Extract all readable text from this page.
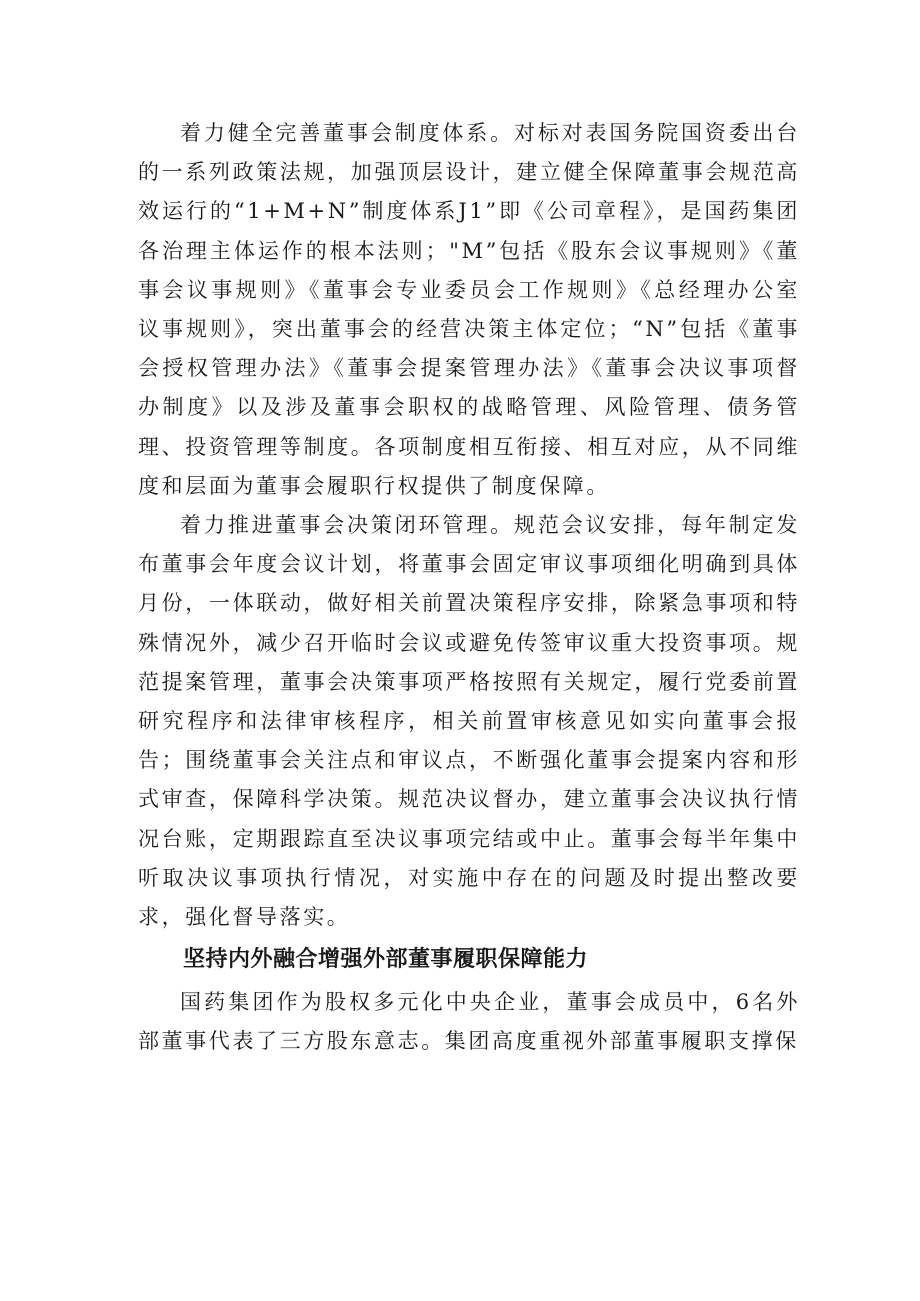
着力健全完善董事会制度体系。对标对表国务院国资委出台的一系列政策法规，加强顶层设计，建立健全保障董事会规范高效运行的“1+M+N”制度体系J1”即《公司章程》，是国药集团各治理主体运作的根本法则；"M”包括《股东会议事规则》《董事会议事规则》《董事会专业委员会工作规则》《总经理办公室议事规则》，突出董事会的经营决策主体定位；“N”包括《董事会授权管理办法》《董事会提案管理办法》《董事会决议事项督办制度》以及涉及董事会职权的战略管理、风险管理、债务管理、投资管理等制度。各项制度相互衔接、相互对应，从不同维度和层面为董事会履职行权提供了制度保障。

着力推进董事会决策闭环管理。规范会议安排，每年制定发布董事会年度会议计划，将董事会固定审议事项细化明确到具体月份，一体联动，做好相关前置决策程序安排，除紧急事项和特殊情况外，减少召开临时会议或避免传签审议重大投资事项。规范提案管理，董事会决策事项严格按照有关规定，履行党委前置研究程序和法律审核程序，相关前置审核意见如实向董事会报告；围绕董事会关注点和审议点，不断强化董事会提案内容和形式审查，保障科学决策。规范决议督办，建立董事会决议执行情况台账，定期跟踪直至决议事项完结或中止。董事会每半年集中听取决议事项执行情况，对实施中存在的问题及时提出整改要求，强化督导落实。

坚持内外融合增强外部董事履职保障能力

国药集团作为股权多元化中央企业，董事会成员中，6名外部董事代表了三方股东意志。集团高度重视外部董事履职支撑保
